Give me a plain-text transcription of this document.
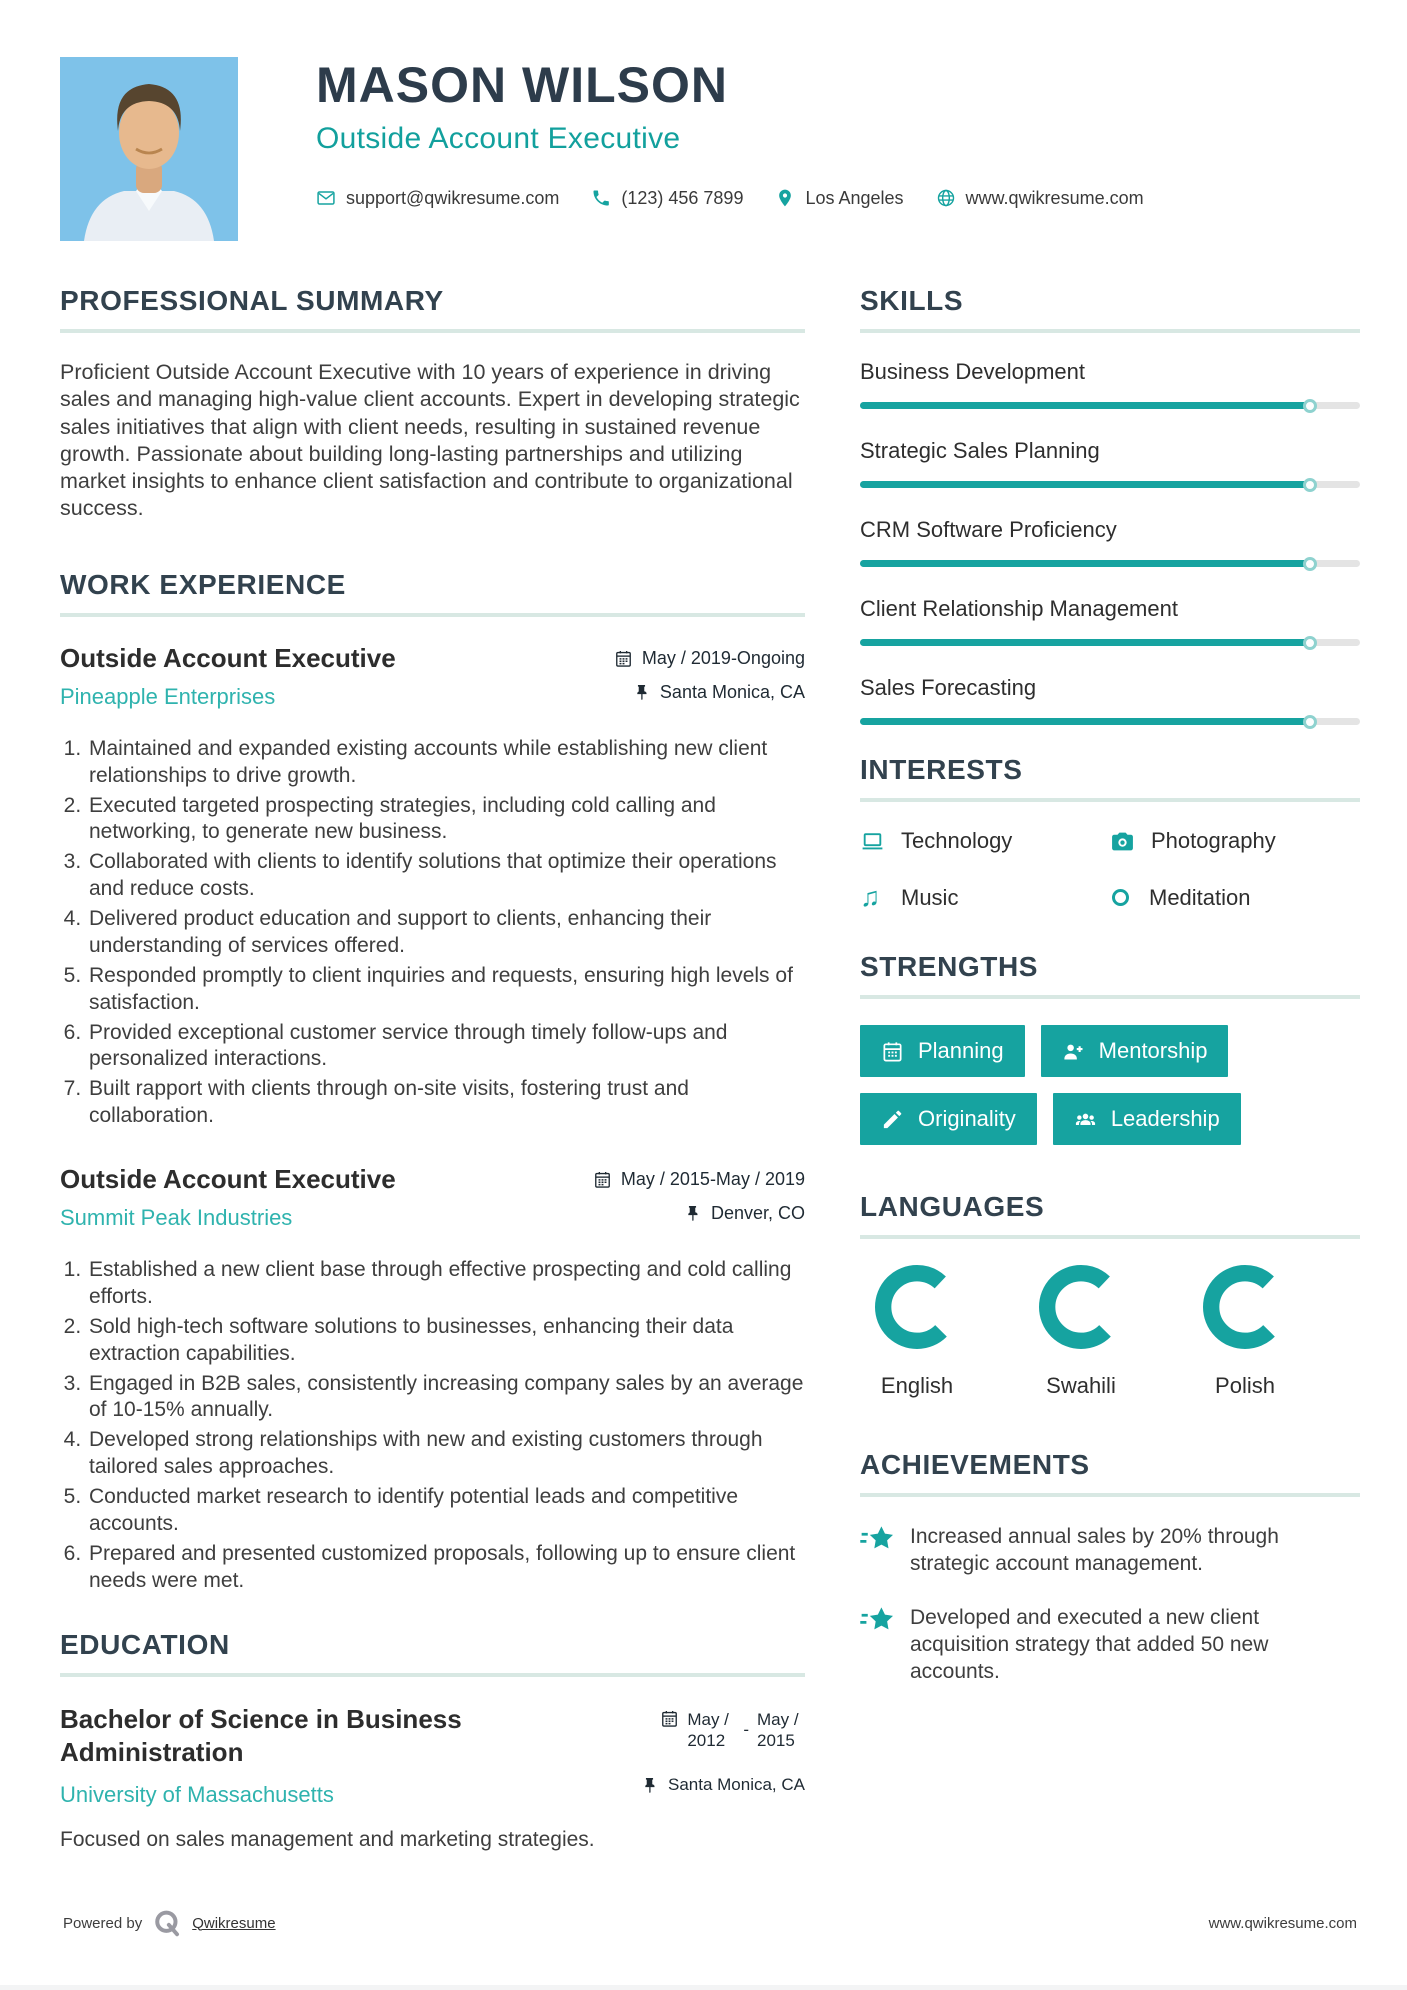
MASON WILSON
Outside Account Executive
support@qwikresume.com	(123) 456 7899	Los Angeles	www.qwikresume.com
PROFESSIONAL SUMMARY

Proficient Outside Account Executive with 10 years of experience in driving sales and managing high-value client accounts. Expert in developing strategic sales initiatives that align with client needs, resulting in sustained revenue growth. Passionate about building long-lasting partnerships and utilizing market insights to enhance client satisfaction and contribute to organizational success.

WORK EXPERIENCE
Outside Account Executive
Pineapple Enterprises
May / 2019-Ongoing
Santa Monica, CA
1. Maintained and expanded existing accounts while establishing new client relationships to drive growth.
2. Executed targeted prospecting strategies, including cold calling and networking, to generate new business.
3. Collaborated with clients to identify solutions that optimize their operations and reduce costs.
4. Delivered product education and support to clients, enhancing their understanding of services offered.
5. Responded promptly to client inquiries and requests, ensuring high levels of satisfaction.
6. Provided exceptional customer service through timely follow-ups and personalized interactions.
7. Built rapport with clients through on-site visits, fostering trust and collaboration.
Outside Account Executive
Summit Peak Industries
May / 2015-May / 2019
Denver, CO
1. Established a new client base through effective prospecting and cold calling efforts.
2. Sold high-tech software solutions to businesses, enhancing their data extraction capabilities.
3. Engaged in B2B sales, consistently increasing company sales by an average of 10-15% annually.
4. Developed strong relationships with new and existing customers through tailored sales approaches.
5. Conducted market research to identify potential leads and competitive accounts.
6. Prepared and presented customized proposals, following up to ensure client needs were met.
EDUCATION
Bachelor of Science in Business Administration
University of Massachusetts
May / 2012
-
May / 2015
Santa Monica, CA

Focused on sales management and marketing strategies.

SKILLS
Business Development
Strategic Sales Planning
CRM Software Proficiency
Client Relationship Management
Sales Forecasting
INTERESTS
Technology	Photography
♫ Music	Meditation
STRENGTHS
Planning	Mentorship
Originality	Leadership
LANGUAGES
English	Swahili	Polish
ACHIEVEMENTS

Increased annual sales by 20% through strategic account management.

Developed and executed a new client acquisition strategy that added 50 new accounts.

Powered by	Qwikresume	www.qwikresume.com
